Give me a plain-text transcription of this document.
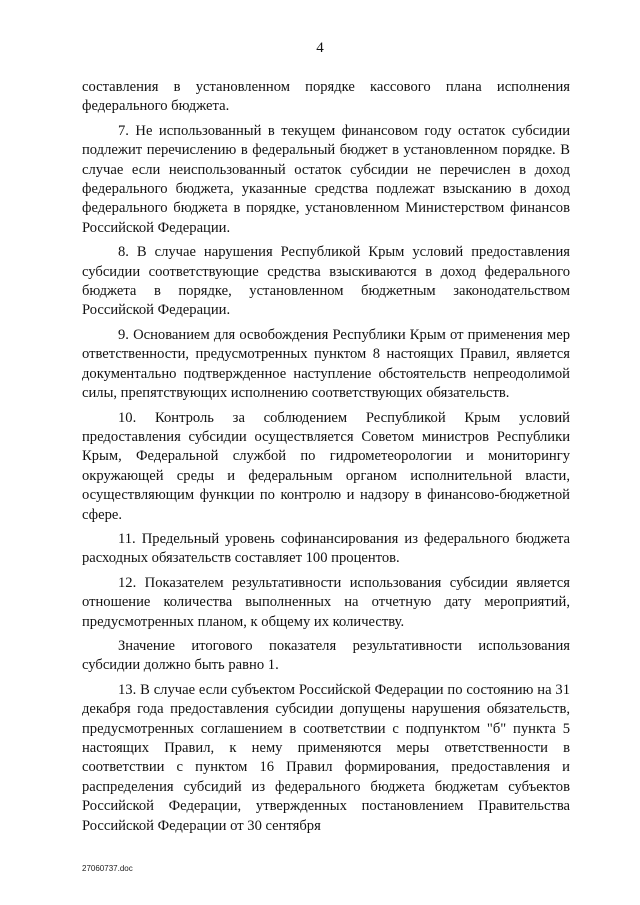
4

составления в установленном порядке кассового плана исполнения федерального бюджета.

7. Не использованный в текущем финансовом году остаток субсидии подлежит перечислению в федеральный бюджет в установленном порядке. В случае если неиспользованный остаток субсидии не перечислен в доход федерального бюджета, указанные средства подлежат взысканию в доход федерального бюджета в порядке, установленном Министерством финансов Российской Федерации.

8. В случае нарушения Республикой Крым условий предоставления субсидии соответствующие средства взыскиваются в доход федерального бюджета в порядке, установленном бюджетным законодательством Российской Федерации.

9. Основанием для освобождения Республики Крым от применения мер ответственности, предусмотренных пунктом 8 настоящих Правил, является документально подтвержденное наступление обстоятельств непреодолимой силы, препятствующих исполнению соответствующих обязательств.

10. Контроль за соблюдением Республикой Крым условий предоставления субсидии осуществляется Советом министров Республики Крым, Федеральной службой по гидрометеорологии и мониторингу окружающей среды и федеральным органом исполнительной власти, осуществляющим функции по контролю и надзору в финансово-бюджетной сфере.

11. Предельный уровень софинансирования из федерального бюджета расходных обязательств составляет 100 процентов.

12. Показателем результативности использования субсидии является отношение количества выполненных на отчетную дату мероприятий, предусмотренных планом, к общему их количеству.

Значение итогового показателя результативности использования субсидии должно быть равно 1.

13. В случае если субъектом Российской Федерации по состоянию на 31 декабря года предоставления субсидии допущены нарушения обязательств, предусмотренных соглашением в соответствии с подпунктом "б" пункта 5 настоящих Правил, к нему применяются меры ответственности в соответствии с пунктом 16 Правил формирования, предоставления и распределения субсидий из федерального бюджета бюджетам субъектов Российской Федерации, утвержденных постановлением Правительства Российской Федерации от 30 сентября

27060737.doc
